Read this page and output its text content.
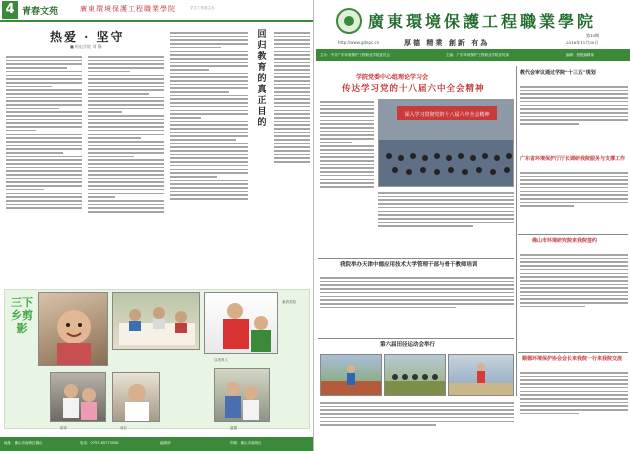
4 青春文苑	廣東環境保護工程職業學院	学生工作部主办
热爱 · 坚守
■ 机电学院 刘 静
回归教育的真正目的
三下乡剪影
童真笑脸
以美育人
陪伴	成长	温馨
地址：佛山市南海区狮山	电话：0757-85773556	编辑部	印刷：佛山市南海区
廣東環境保護工程職業學院
http://www.gdepc.cn	厚德 精業 創新 有為
第10期
2016年11月30日
主办：中共广东环境保护工程职业学院委员会	主编：广东环境保护工程职业学院宣传部	编辑：校报编辑部
学院党委中心组理论学习会
传达学习党的十八届六中全会精神
深入学习贯彻党的十八届六中全会精神
教代会审议通过学院“十三五”规划
广东省环境保护厅厅长调研我院服务与支撑工作
我院举办天津中德应用技术大学管理干部与骨干教师培训
佛山市环境研究院来我院签约
第六届田径运动会举行
顺德环境保护协会会长来我院一行来我院交流
